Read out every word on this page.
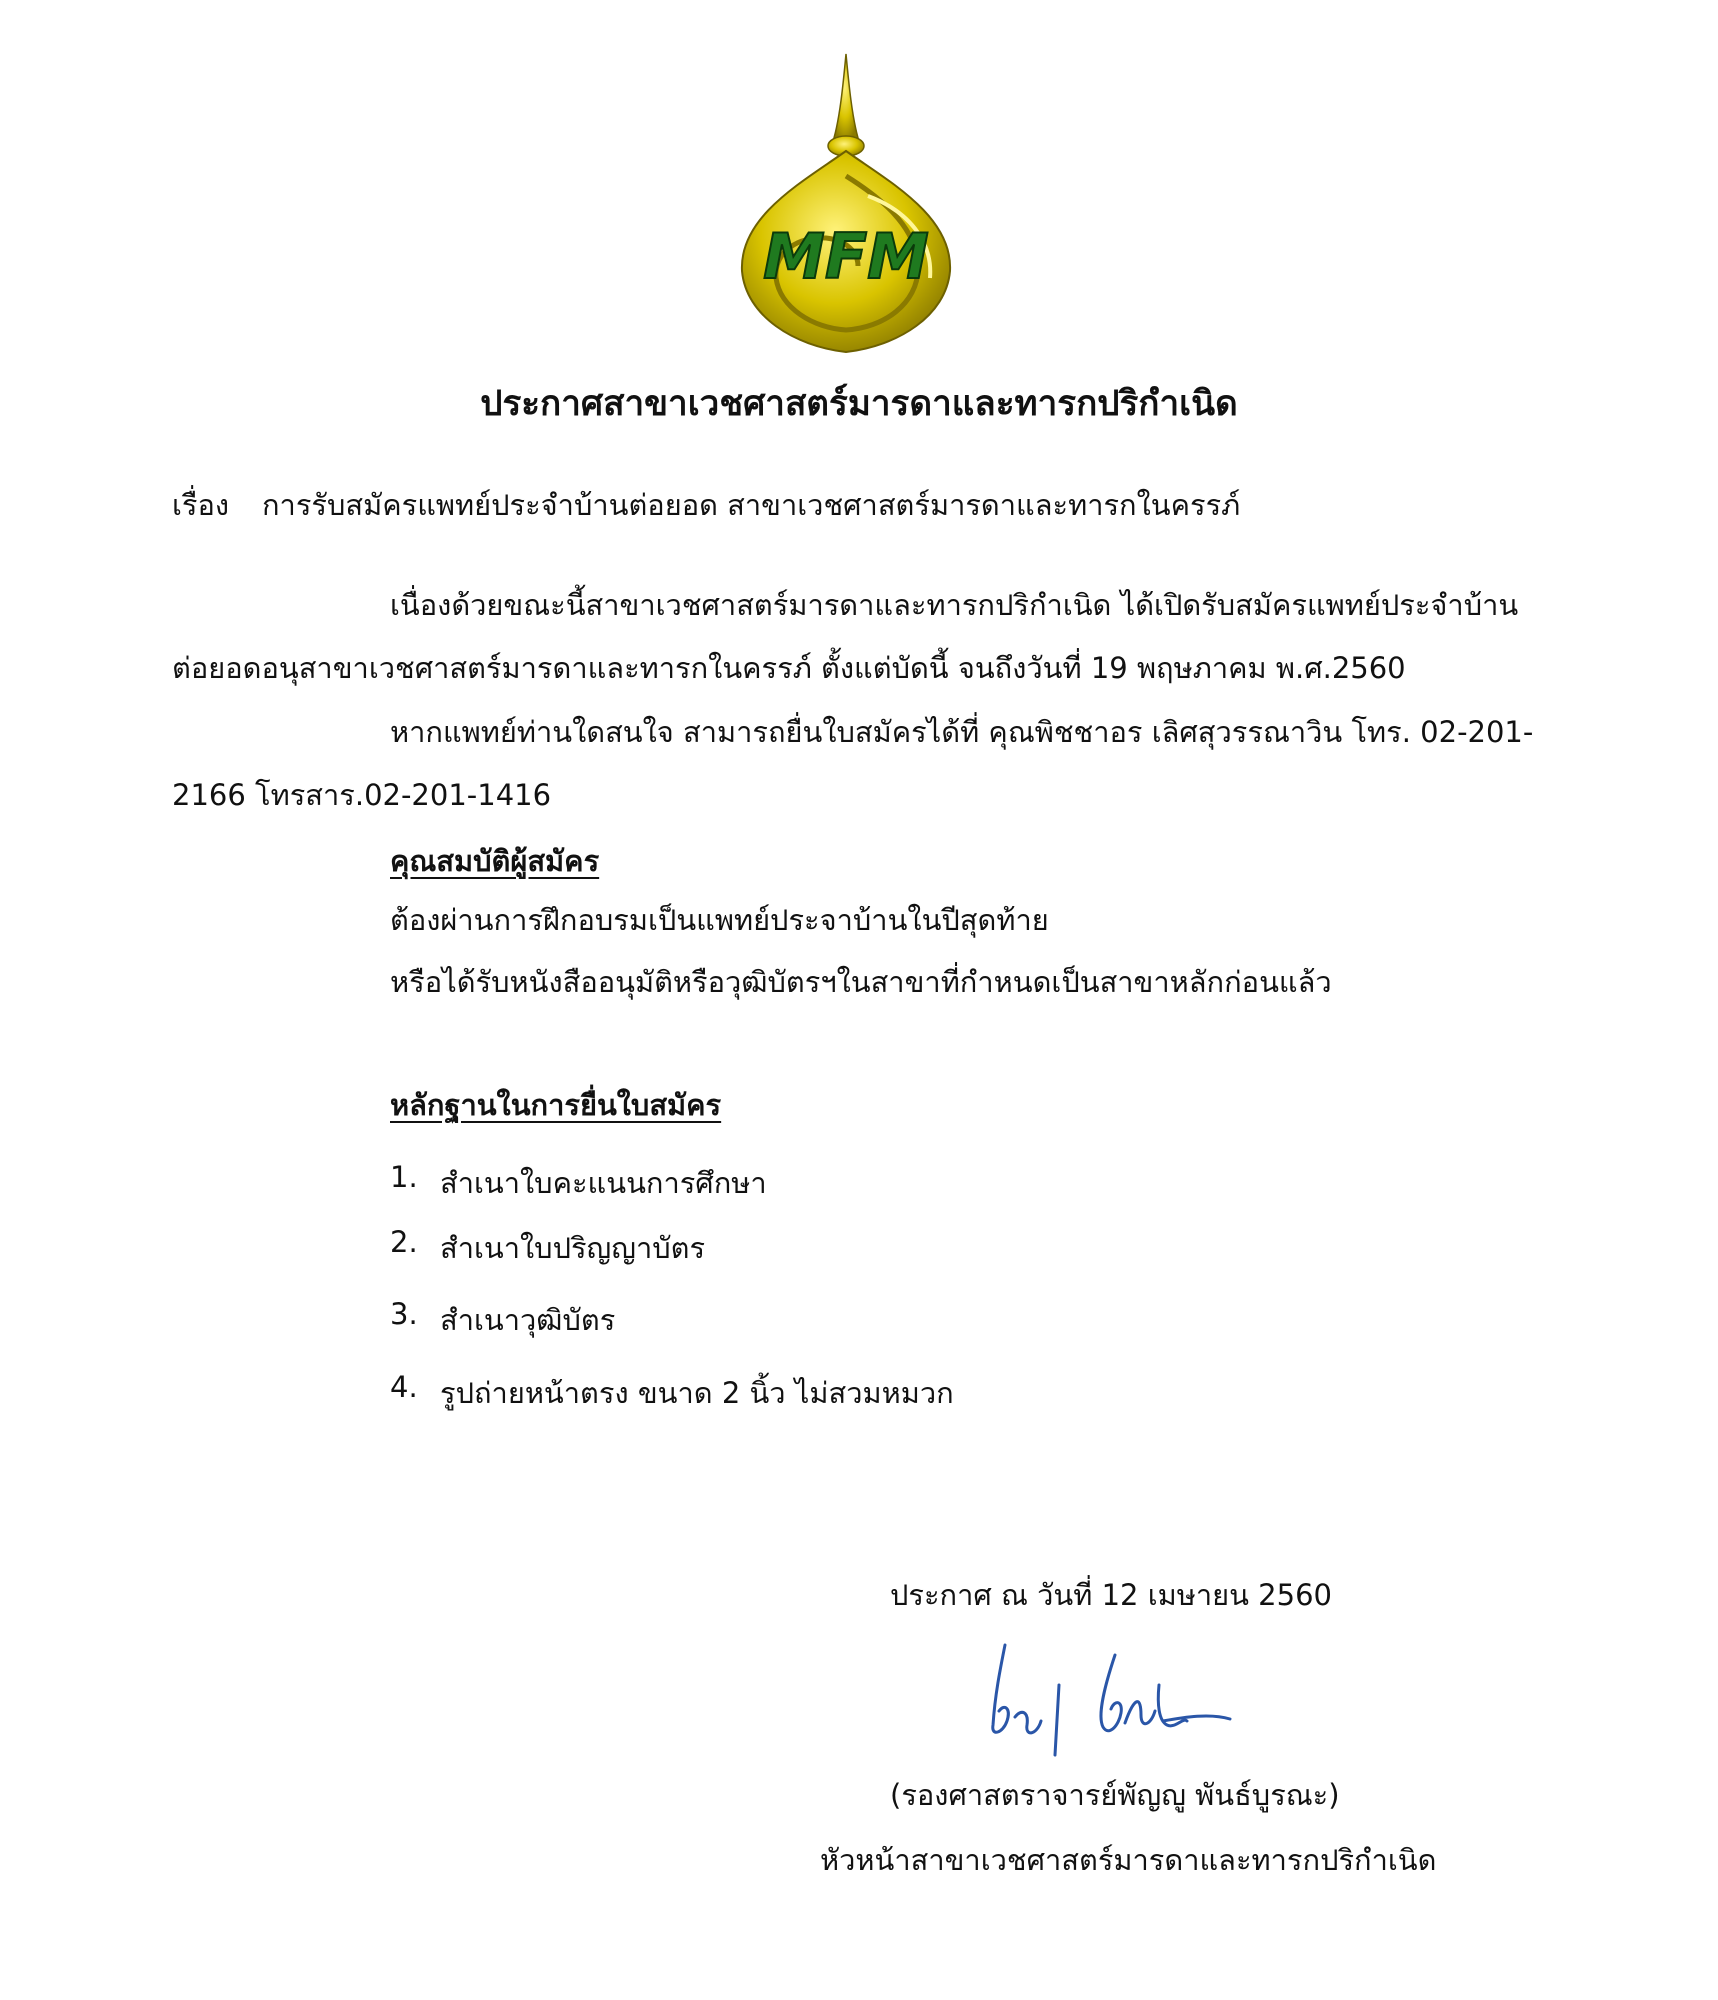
MFM
ประกาศสาขาเวชศาสตร์มารดาและทารกปริกำเนิด
เรื่อง การรับสมัครแพทย์ประจำบ้านต่อยอด สาขาเวชศาสตร์มารดาและทารกในครรภ์
เนื่องด้วยขณะนี้สาขาเวชศาสตร์มารดาและทารกปริกำเนิด ได้เปิดรับสมัครแพทย์ประจำบ้าน
ต่อยอดอนุสาขาเวชศาสตร์มารดาและทารกในครรภ์ ตั้งแต่บัดนี้ จนถึงวันที่ 19 พฤษภาคม พ.ศ.2560
หากแพทย์ท่านใดสนใจ สามารถยื่นใบสมัครได้ที่ คุณพิชชาอร เลิศสุวรรณาวิน โทร. 02-201-
2166 โทรสาร.02-201-1416
คุณสมบัติผู้สมัคร
ต้องผ่านการฝึกอบรมเป็นแพทย์ประจาบ้านในปีสุดท้าย
หรือได้รับหนังสืออนุมัติหรือวุฒิบัตรฯในสาขาที่กำหนดเป็นสาขาหลักก่อนแล้ว
หลักฐานในการยื่นใบสมัคร
1. สำเนาใบคะแนนการศึกษา
2. สำเนาใบปริญญาบัตร
3. สำเนาวุฒิบัตร
4. รูปถ่ายหน้าตรง ขนาด 2 นิ้ว ไม่สวมหมวก
ประกาศ ณ วันที่ 12 เมษายน 2560
(รองศาสตราจารย์พัญญู พันธ์บูรณะ)
หัวหน้าสาขาเวชศาสตร์มารดาและทารกปริกำเนิด
